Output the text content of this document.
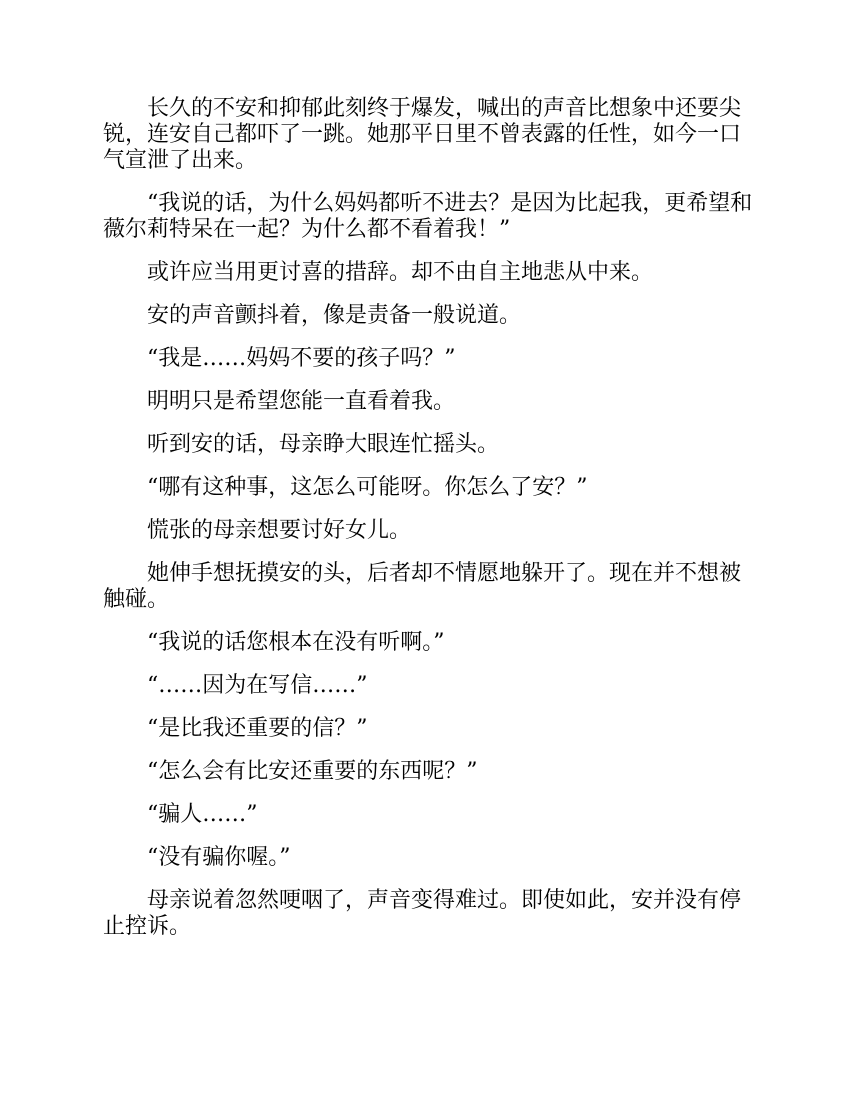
长久的不安和抑郁此刻终于爆发，喊出的声音比想象中还要尖锐，连安自己都吓了一跳。她那平日里不曾表露的任性，如今一口气宣泄了出来。

“我说的话，为什么妈妈都听不进去？是因为比起我，更希望和薇尔莉特呆在一起？为什么都不看着我！”

或许应当用更讨喜的措辞。却不由自主地悲从中来。

安的声音颤抖着，像是责备一般说道。

“我是……妈妈不要的孩子吗？”

明明只是希望您能一直看着我。

听到安的话，母亲睁大眼连忙摇头。

“哪有这种事，这怎么可能呀。你怎么了安？”

慌张的母亲想要讨好女儿。

她伸手想抚摸安的头，后者却不情愿地躲开了。现在并不想被触碰。

“我说的话您根本在没有听啊。”

“……因为在写信……”

“是比我还重要的信？”

“怎么会有比安还重要的东西呢？”

“骗人……”

“没有骗你喔。”

母亲说着忽然哽咽了，声音变得难过。即使如此，安并没有停止控诉。
